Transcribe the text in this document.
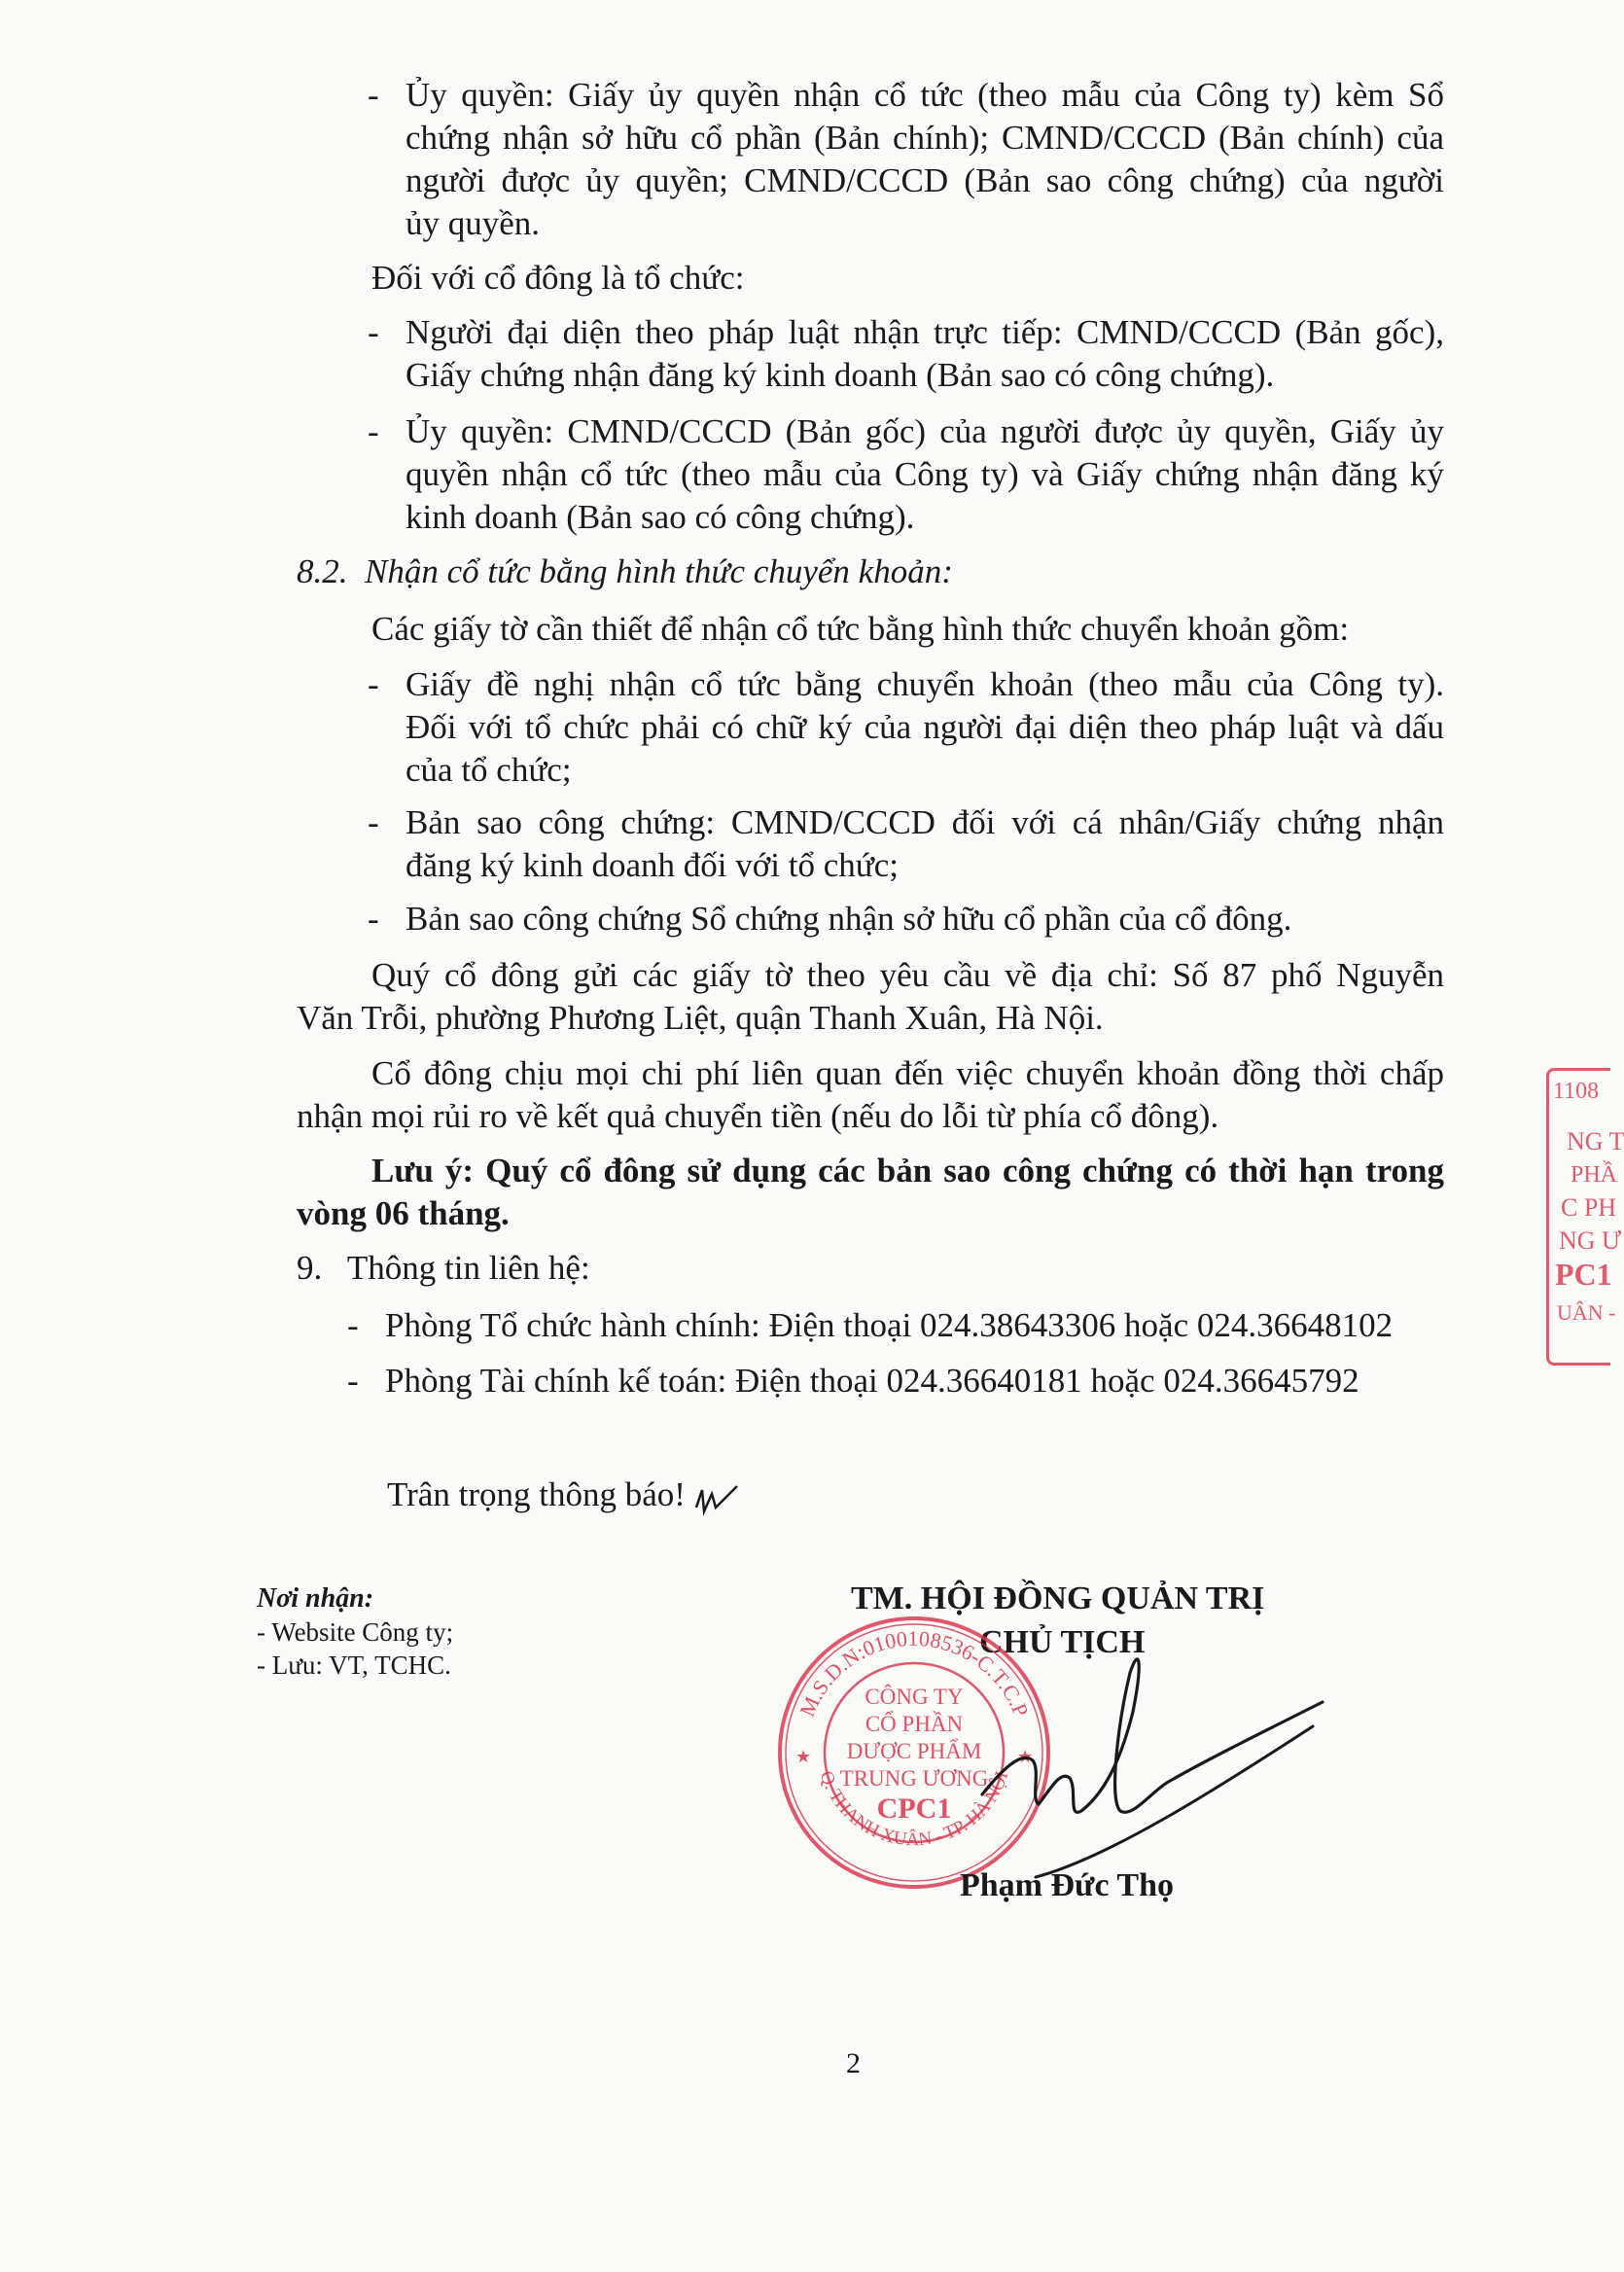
- Ủy quyền: Giấy ủy quyền nhận cổ tức (theo mẫu của Công ty) kèm Sổ
chứng nhận sở hữu cổ phần (Bản chính); CMND/CCCD (Bản chính) của
người được ủy quyền; CMND/CCCD (Bản sao công chứng) của người
ủy quyền.
Đối với cổ đông là tổ chức:
- Người đại diện theo pháp luật nhận trực tiếp: CMND/CCCD (Bản gốc),
Giấy chứng nhận đăng ký kinh doanh (Bản sao có công chứng).
- Ủy quyền: CMND/CCCD (Bản gốc) của người được ủy quyền, Giấy ủy
quyền nhận cổ tức (theo mẫu của Công ty) và Giấy chứng nhận đăng ký
kinh doanh (Bản sao có công chứng).
8.2.  Nhận cổ tức bằng hình thức chuyển khoản:
Các giấy tờ cần thiết để nhận cổ tức bằng hình thức chuyển khoản gồm:
- Giấy đề nghị nhận cổ tức bằng chuyển khoản (theo mẫu của Công ty).
Đối với tổ chức phải có chữ ký của người đại diện theo pháp luật và dấu
của tổ chức;
- Bản sao công chứng: CMND/CCCD đối với cá nhân/Giấy chứng nhận
đăng ký kinh doanh đối với tổ chức;
- Bản sao công chứng Sổ chứng nhận sở hữu cổ phần của cổ đông.
Quý cổ đông gửi các giấy tờ theo yêu cầu về địa chỉ: Số 87 phố Nguyễn
Văn Trỗi, phường Phương Liệt, quận Thanh Xuân, Hà Nội.
Cổ đông chịu mọi chi phí liên quan đến việc chuyển khoản đồng thời chấp
nhận mọi rủi ro về kết quả chuyển tiền (nếu do lỗi từ phía cổ đông).
Lưu ý: Quý cổ đông sử dụng các bản sao công chứng có thời hạn trong
vòng 06 tháng.
9.   Thông tin liên hệ:
- Phòng Tổ chức hành chính: Điện thoại 024.38643306 hoặc 024.36648102
- Phòng Tài chính kế toán: Điện thoại 024.36640181 hoặc 024.36645792
Trân trọng thông báo!
Nơi nhận:
- Website Công ty;
- Lưu: VT, TCHC.
TM. HỘI ĐỒNG QUẢN TRỊ
CHỦ TỊCH
M.S.D.N:0100108536-C.T.C.P
Q. THANH XUÂN - TP. HÀ NỘI
★	★
CÔNG TY
CỔ PHẦN
DƯỢC PHẨM
TRUNG ƯƠNG
CPC1
Phạm Đức Thọ
1108
NG T
PHẦ
C PH
NG Ư
PC1
UÂN -
2
